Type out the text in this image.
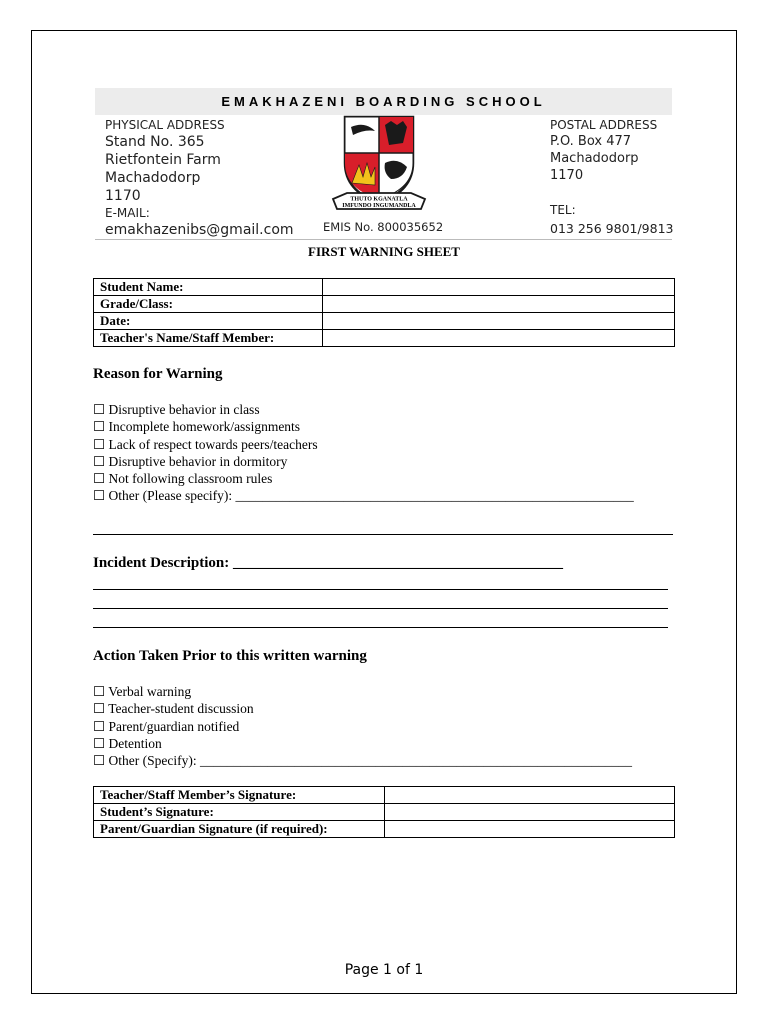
EMAKHAZENI BOARDING SCHOOL
PHYSICAL ADDRESS
Stand No. 365
Rietfontein Farm
Machadodorp
1170
E-MAIL:
emakhazenibs@gmail.com
THUTO KGANATLA
IMFUNDO INGUMANDLA
EMIS No. 800035652
POSTAL ADDRESS
P.O. Box 477
Machadodorp
1170
TEL:
013 256 9801/9813
FIRST WARNING SHEET
Student Name:	
Grade/Class:	
Date:	
Teacher's Name/Staff Member:	
Reason for Warning
☐ Disruptive behavior in class
☐ Incomplete homework/assignments
☐ Lack of respect towards peers/teachers
☐ Disruptive behavior in dormitory
☐ Not following classroom rules
☐ Other (Please specify): ___________________________________________________________
Incident Description: ____________________________________________
Action Taken Prior to this written warning
☐ Verbal warning
☐ Teacher-student discussion
☐ Parent/guardian notified
☐ Detention
☐ Other (Specify): ________________________________________________________________
Teacher/Staff Member’s Signature:	
Student’s Signature:	
Parent/Guardian Signature (if required):	
Page 1 of 1
